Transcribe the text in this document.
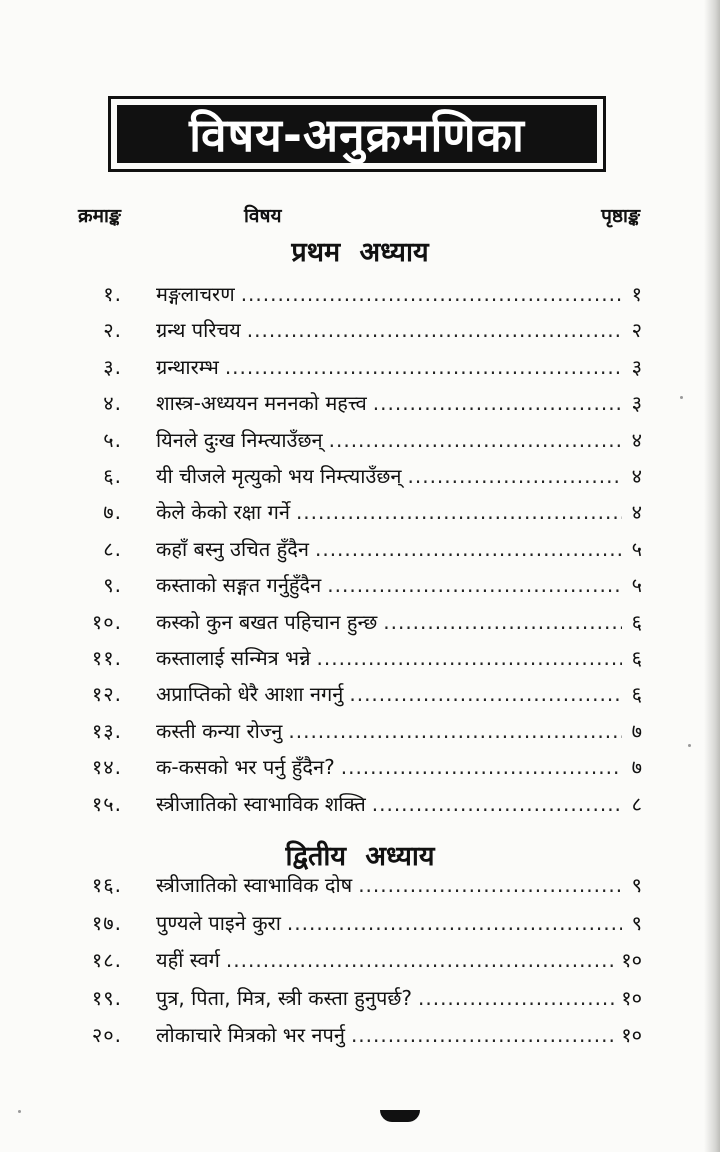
विषय-अनुक्रमणिका
क्रमाङ्क	विषय	पृष्ठाङ्क
प्रथम अध्याय
द्वितीय अध्याय
१. मङ्गलाचरण .....	१
२. ग्रन्थ परिचय .....	२
३. ग्रन्थारम्भ .....	३
४. शास्त्र-अध्ययन मननको महत्त्व .....	३
५. यिनले दुःख निम्त्याउँछन् .....	४
६. यी चीजले मृत्युको भय निम्त्याउँछन् .....	४
७. केले केको रक्षा गर्ने .....	४
८. कहाँ बस्नु उचित हुँदैन .....	५
९. कस्ताको सङ्गत गर्नुहुँदैन .....	५
१०. कस्को कुन बखत पहिचान हुन्छ .....	६
११. कस्तालाई सन्मित्र भन्ने .....	६
१२. अप्राप्तिको धेरै आशा नगर्नु .....	६
१३. कस्ती कन्या रोज्नु .....	७
१४. क-कसको भर पर्नु हुँदैन? .....	७
१५. स्त्रीजातिको स्वाभाविक शक्ति .....	८
१६. स्त्रीजातिको स्वाभाविक दोष .....	९
१७. पुण्यले पाइने कुरा .....	९
१८. यहीं स्वर्ग .....	१०
१९. पुत्र, पिता, मित्र, स्त्री कस्ता हुनुपर्छ? .....	१०
२०. लोकाचारे मित्रको भर नपर्नु .....	१०
